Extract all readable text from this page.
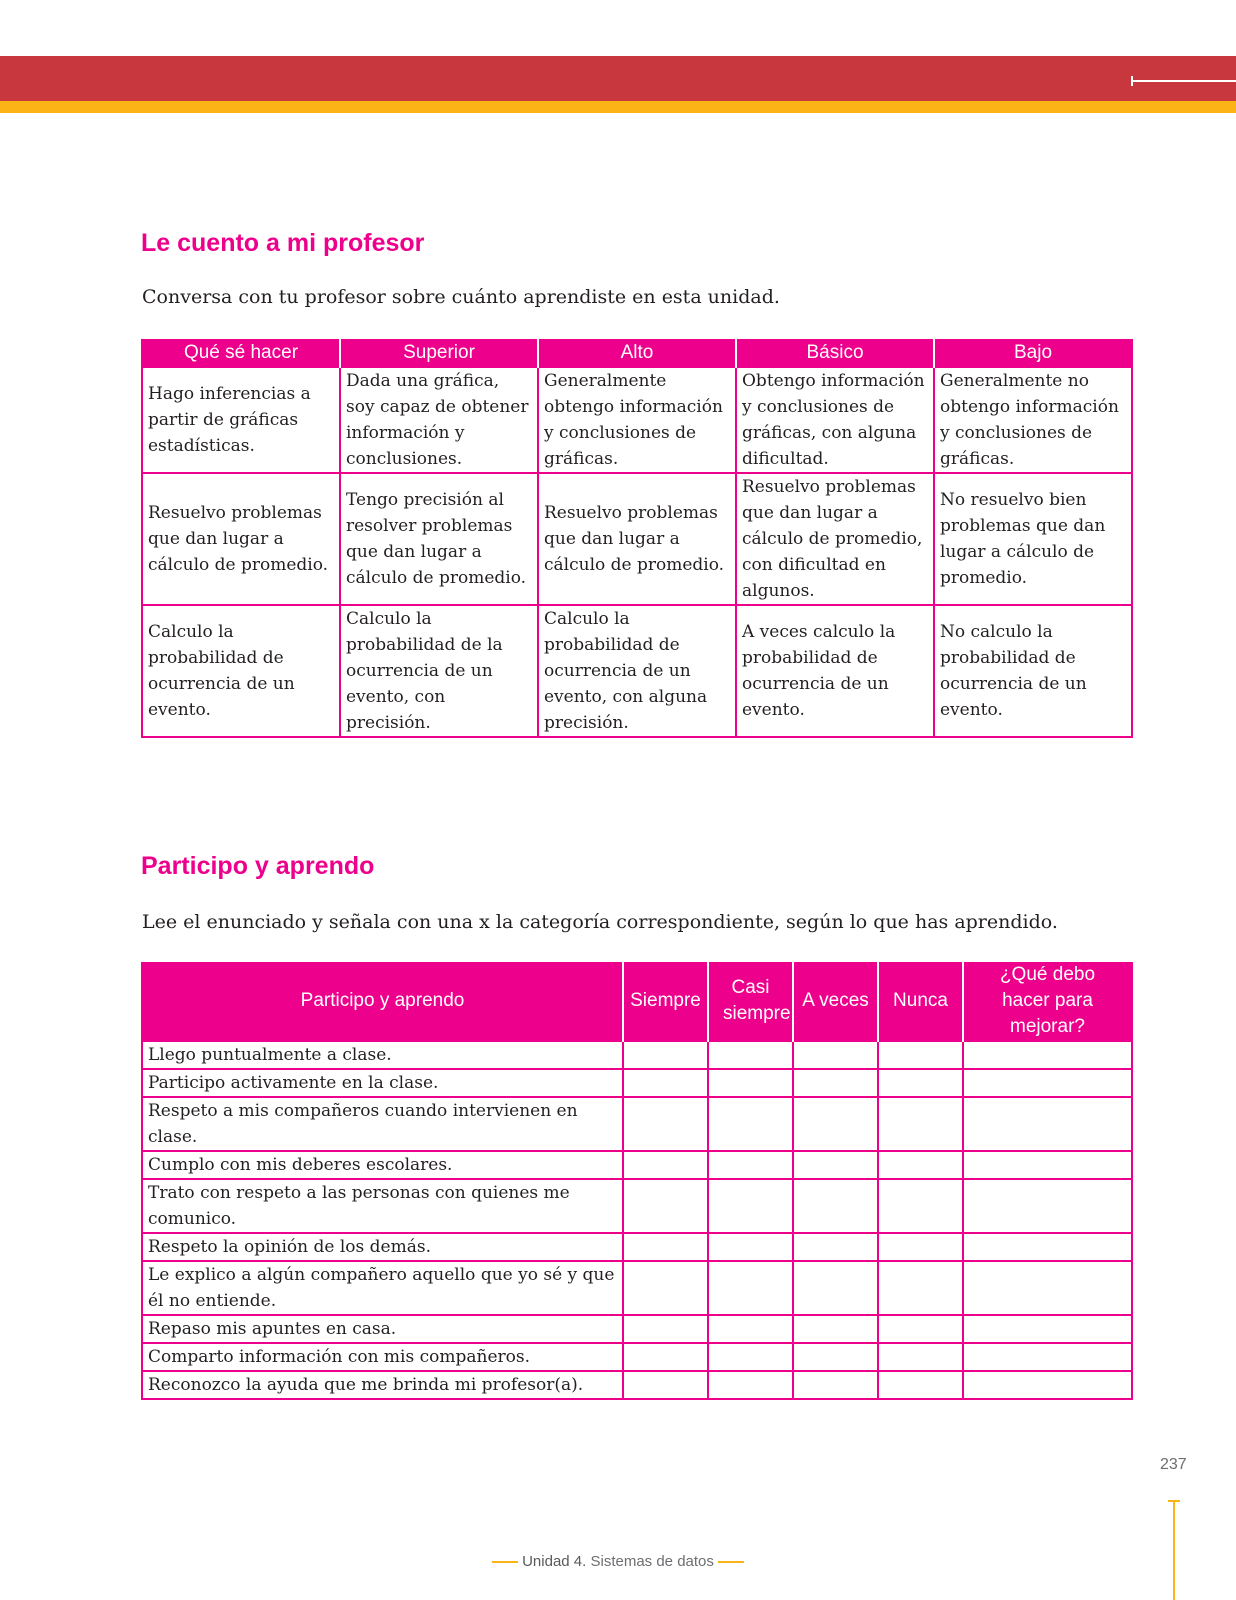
Le cuento a mi profesor

Conversa con tu profesor sobre cuánto aprendiste en esta unidad.

Qué sé hacer	Superior	Alto	Básico	Bajo
Hago inferencias a partir de gráficas estadísticas.	Dada una gráfica, soy capaz de obtener información y conclusiones.	Generalmente obtengo información y conclusiones de gráficas.	Obtengo información y conclusiones de gráficas, con alguna dificultad.	Generalmente no obtengo información y conclusiones de gráficas.
Resuelvo problemas que dan lugar a cálculo de promedio.	Tengo precisión al resolver problemas que dan lugar a cálculo de promedio.	Resuelvo problemas que dan lugar a cálculo de promedio.	Resuelvo problemas que dan lugar a cálculo de promedio, con dificultad en algunos.	No resuelvo bien problemas que dan lugar a cálculo de promedio.
Calculo la probabilidad de ocurrencia de un evento.	Calculo la probabilidad de la ocurrencia de un evento, con precisión.	Calculo la probabilidad de ocurrencia de un evento, con alguna precisión.	A veces calculo la probabilidad de ocurrencia de un evento.	No calculo la probabilidad de ocurrencia de un evento.
Participo y aprendo

Lee el enunciado y señala con una x la categoría correspondiente, según lo que has aprendido.

Participo y aprendo	Siempre	Casi siempre	A veces	Nunca	¿Qué debo hacer para mejorar?
Llego puntualmente a clase.					
Participo activamente en la clase.					
Respeto a mis compañeros cuando intervienen en clase.					
Cumplo con mis deberes escolares.					
Trato con respeto a las personas con quienes me comunico.					
Respeto la opinión de los demás.					
Le explico a algún compañero aquello que yo sé y que él no entiende.					
Repaso mis apuntes en casa.					
Comparto información con mis compañeros.					
Reconozco la ayuda que me brinda mi profesor(a).					
237
Unidad 4. Sistemas de datos
